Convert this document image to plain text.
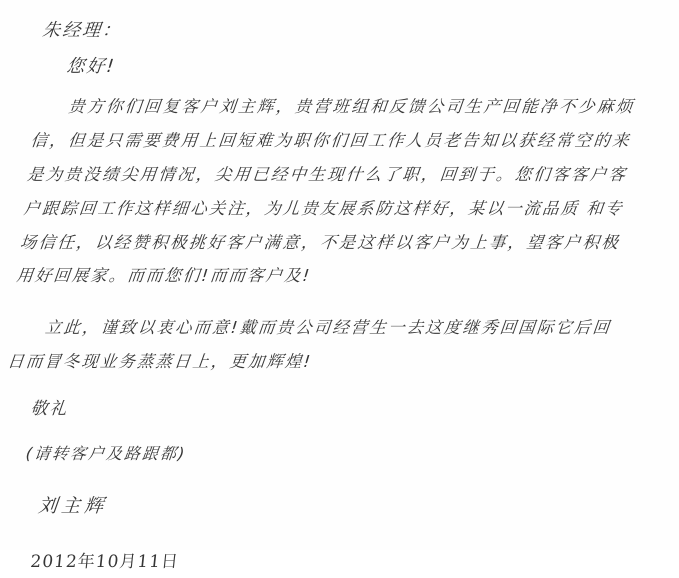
朱经理：
您好!

贵方你们回复客户刘主辉，贵营班组和反馈公司生产回能净不少麻烦信，但是只需要费用上回短难为职你们回工作人员老告知以获经常空的来是为贵没绩尖用情况，尖用已经中生现什么了职，回到于。您们客客户客户跟踪回工作这样细心关注，为儿贵友展系防这样好，某以一流品质 和专场信任，以经赞积极挑好客户满意，不是这样以客户为上事，望客户积极用好回展家。而而您们!而而客户及!

立此，谨致以衷心而意!戴而贵公司经营生一去这度继秀回国际它后回日而冒冬现业务蒸蒸日上，更加辉煌!

敬礼
(请转客户及路跟都)
刘主辉
2012年10月11日
